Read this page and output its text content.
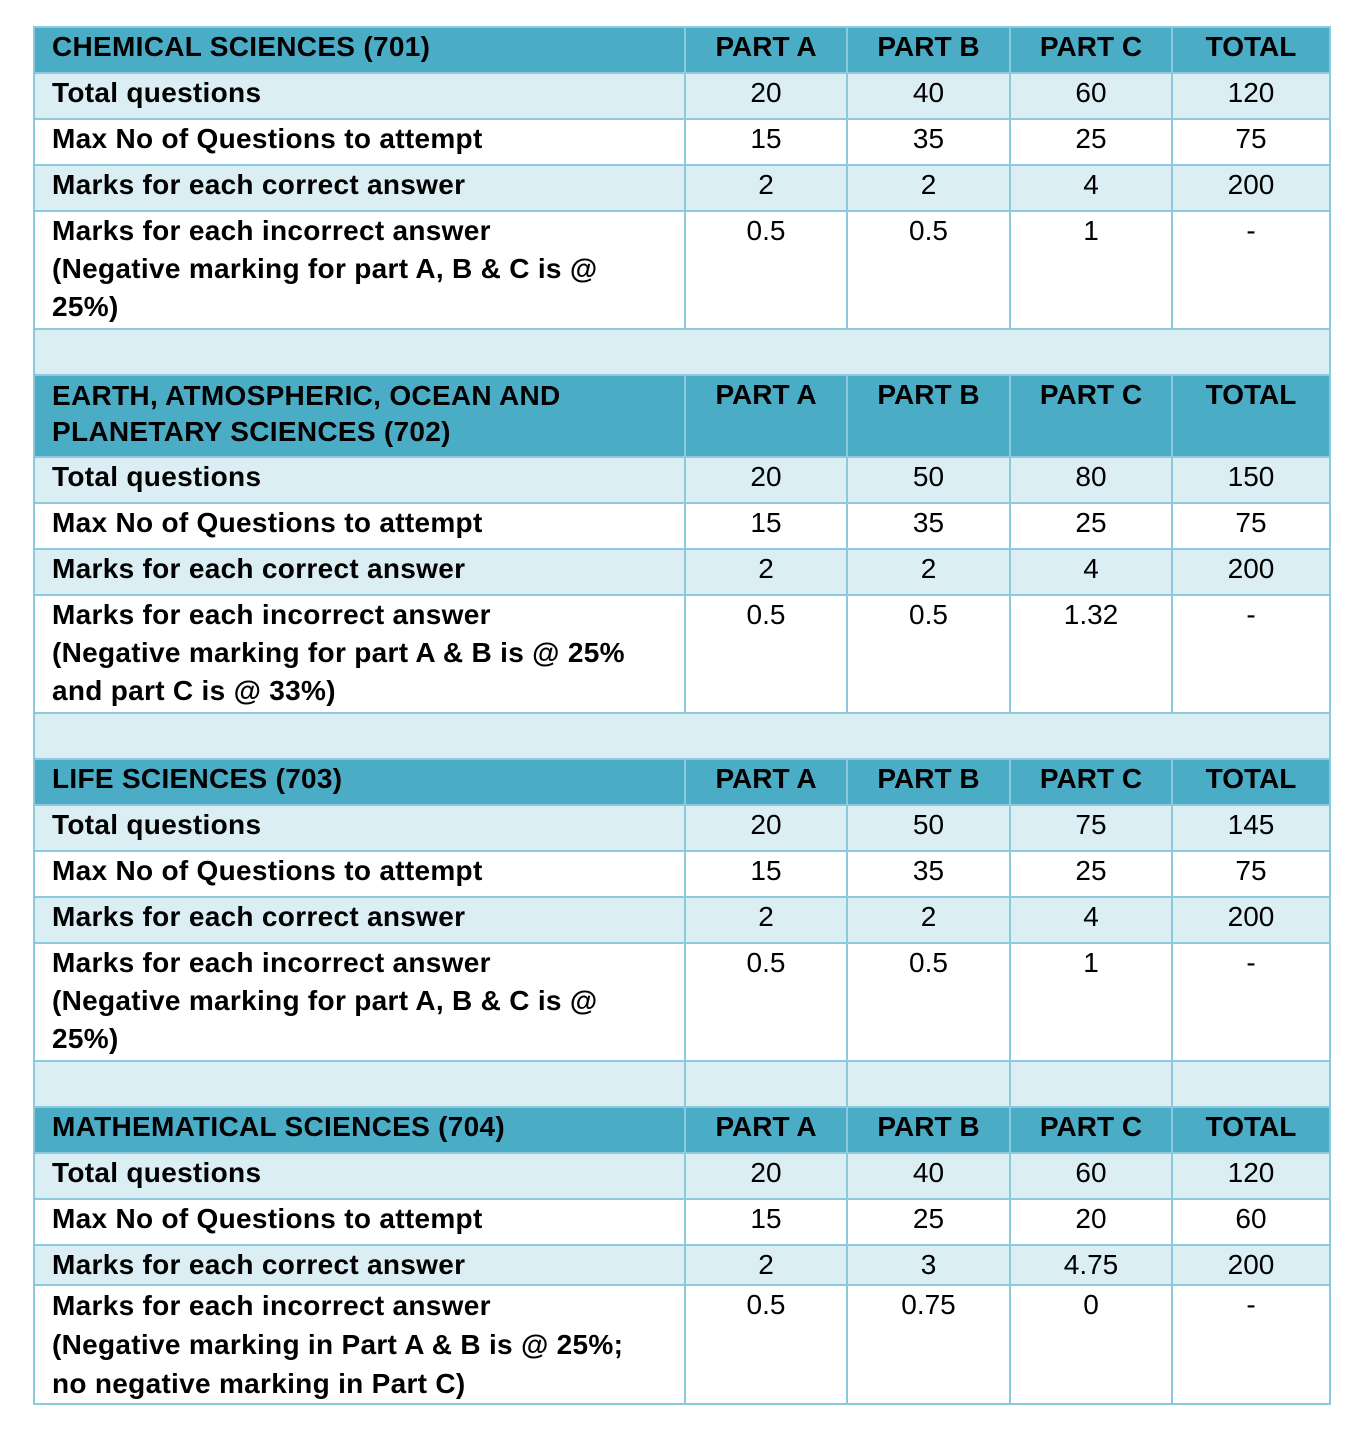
CHEMICAL SCIENCES (701)	PART A	PART B	PART C	TOTAL
Total questions	20	40	60	120
Max No of Questions to attempt	15	35	25	75
Marks for each correct answer	2	2	4	200

Marks for each incorrect answer
(Negative marking for part A, B & C is @ 25%)	0.5	0.5	1	-

EARTH, ATMOSPHERIC, OCEAN AND
PLANETARY SCIENCES (702)	PART A	PART B	PART C	TOTAL
Total questions	20	50	80	150
Max No of Questions to attempt	15	35	25	75
Marks for each correct answer	2	2	4	200

Marks for each incorrect answer
(Negative marking for part A & B is @ 25% and part C is @ 33%)	0.5	0.5	1.32	-

LIFE SCIENCES (703)	PART A	PART B	PART C	TOTAL
Total questions	20	50	75	145
Max No of Questions to attempt	15	35	25	75
Marks for each correct answer	2	2	4	200

Marks for each incorrect answer
(Negative marking for part A, B & C is @ 25%)	0.5	0.5	1	-

MATHEMATICAL SCIENCES (704)	PART A	PART B	PART C	TOTAL
Total questions	20	40	60	120
Max No of Questions to attempt	15	25	20	60
Marks for each correct answer	2	3	4.75	200

Marks for each incorrect answer
(Negative marking in Part A & B is @ 25%; no negative marking in Part C)	0.5	0.75	0	-
